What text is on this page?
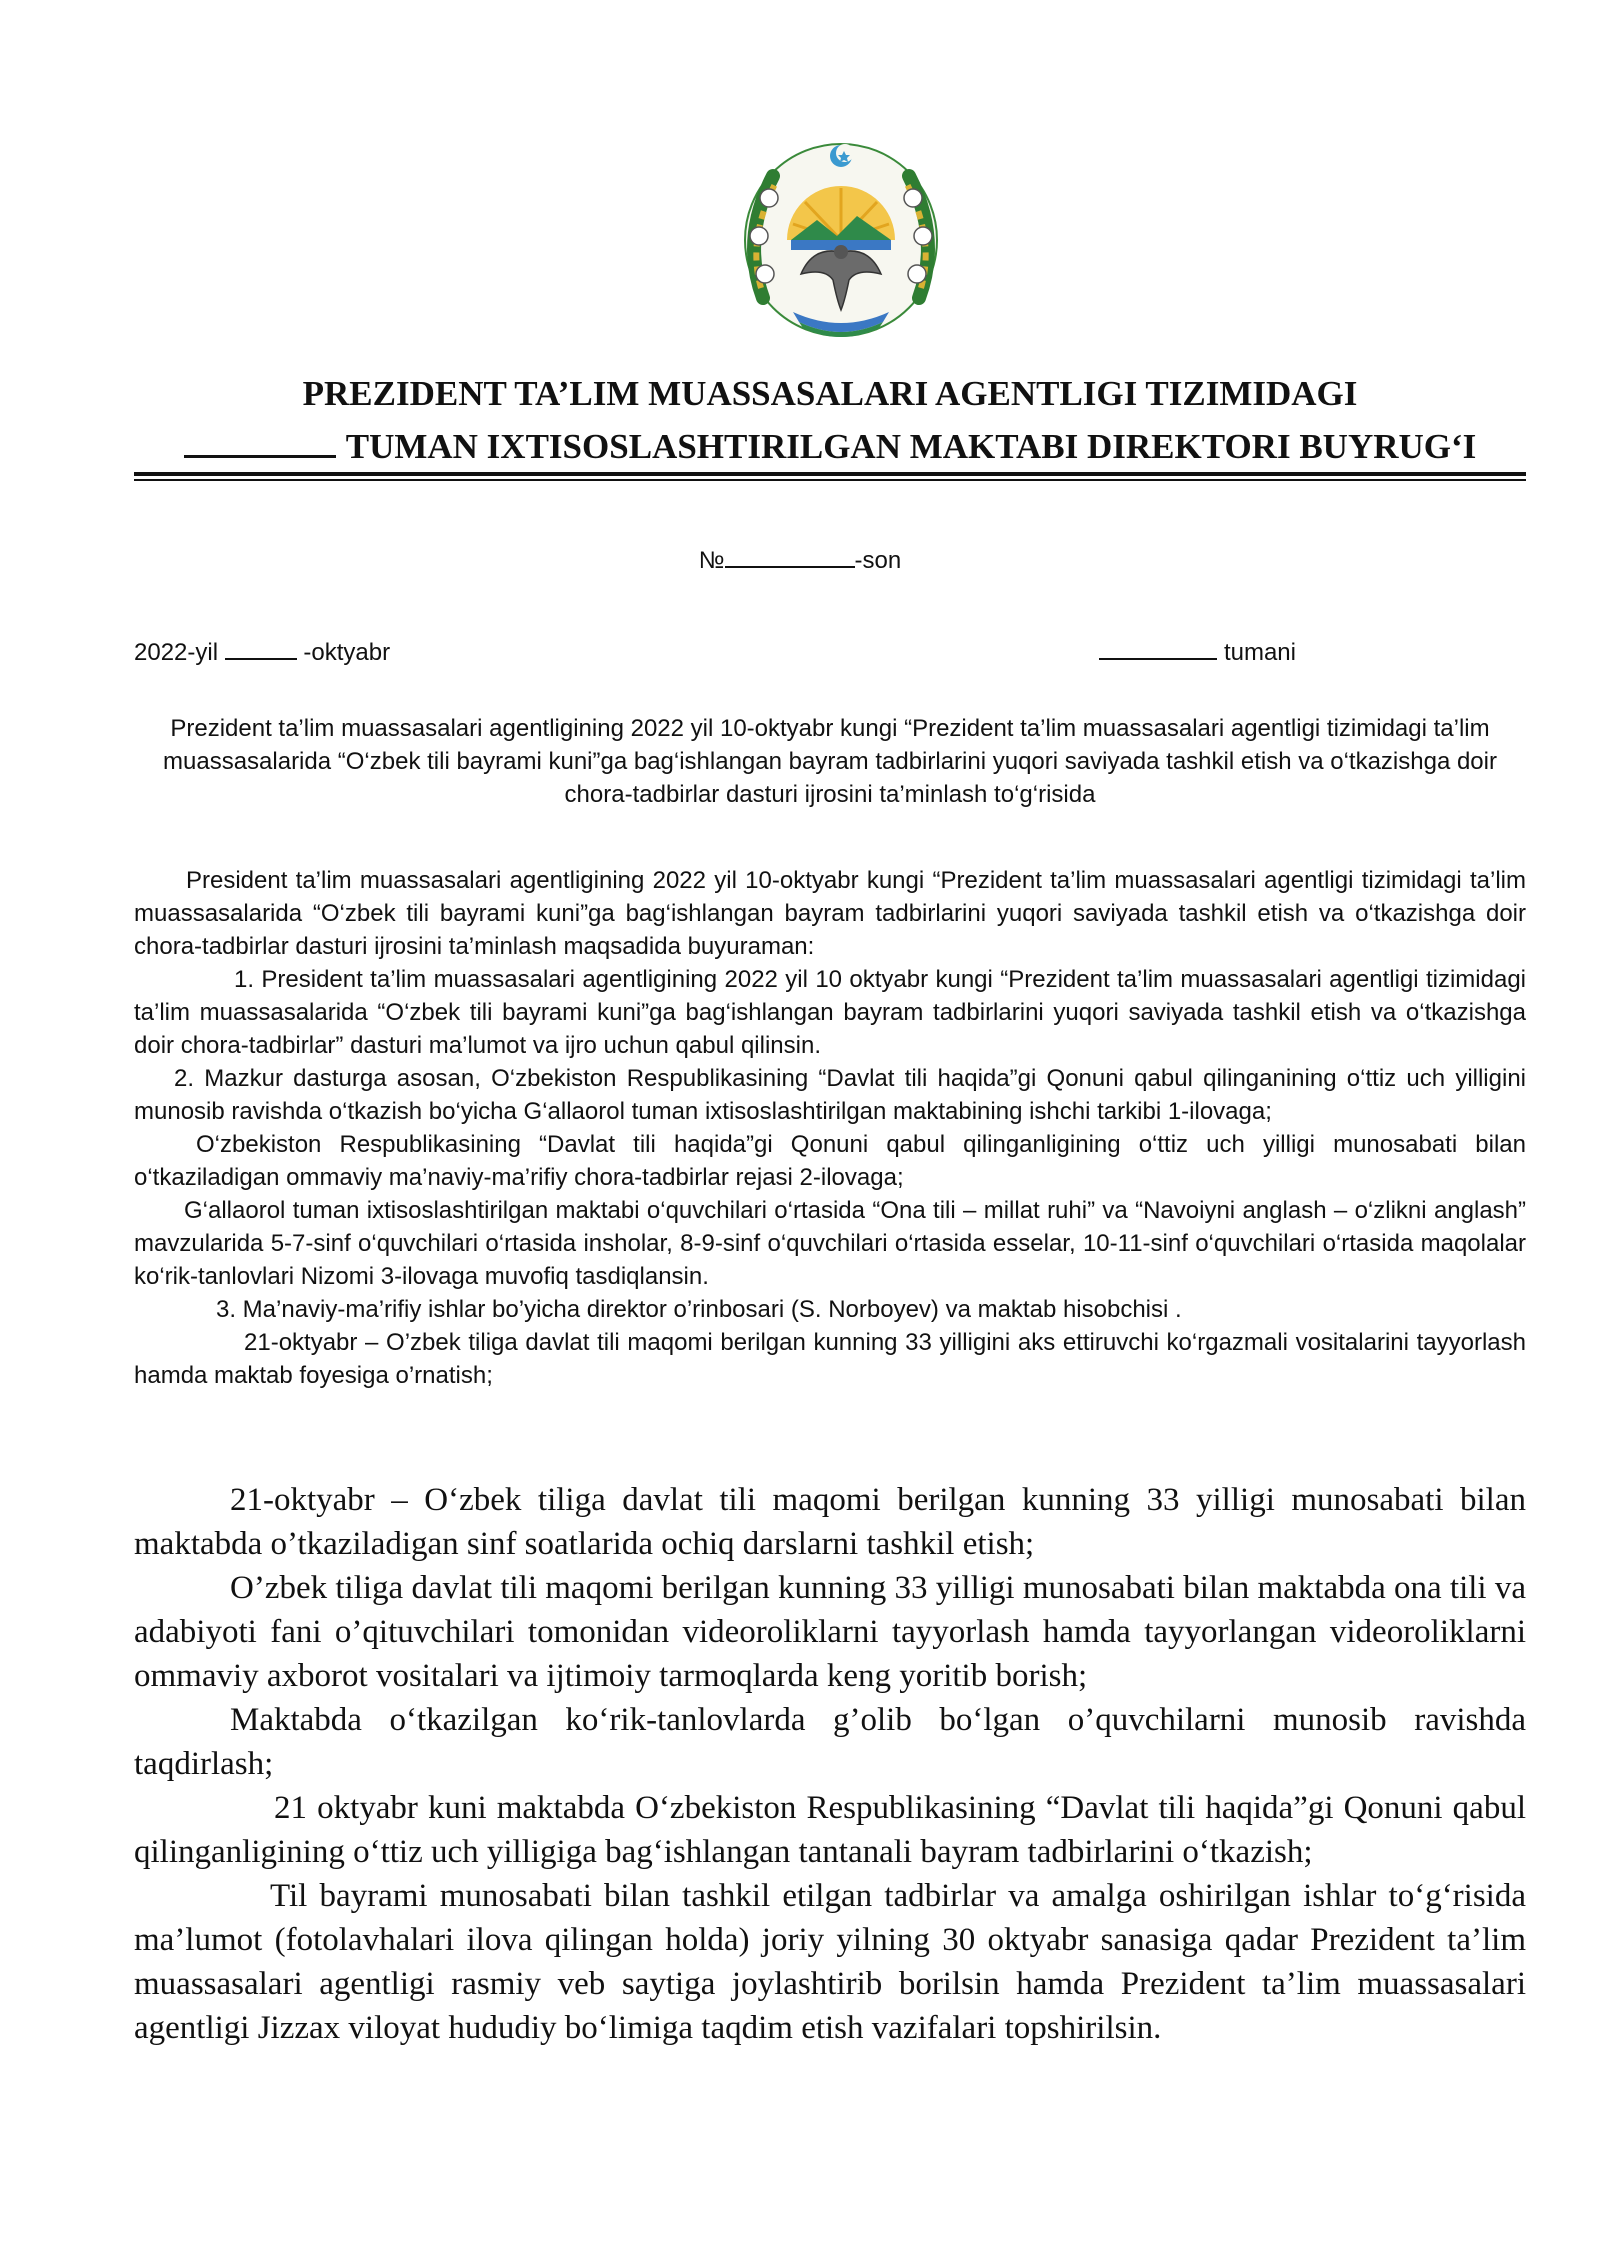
PREZIDENT TA’LIM MUASSASALARI AGENTLIGI TIZIMIDAGI
TUMAN IXTISOSLASHTIRILGAN MAKTABI DIREKTORI BUYRUG‘I
№	-son
2022-yil	-oktyabr	tumani
Prezident ta’lim muassasalari agentligining 2022 yil 10-oktyabr kungi “Prezident ta’lim muassasalari agentligi tizimidagi ta’lim muassasalarida “O‘zbek tili bayrami kuni”ga bag‘ishlangan bayram tadbirlarini yuqori saviyada tashkil etish va o‘tkazishga doir chora-tadbirlar dasturi ijrosini ta’minlash to‘g‘risida

President ta’lim muassasalari agentligining 2022 yil 10-oktyabr kungi “Prezident ta’lim muassasalari agentligi tizimidagi ta’lim muassasalarida “O‘zbek tili bayrami kuni”ga bag‘ishlangan bayram tadbirlarini yuqori saviyada tashkil etish va o‘tkazishga doir chora-tadbirlar dasturi ijrosini ta’minlash maqsadida buyuraman:

1. President ta’lim muassasalari agentligining 2022 yil 10 oktyabr kungi “Prezident ta’lim muassasalari agentligi tizimidagi ta’lim muassasalarida “O‘zbek tili bayrami kuni”ga bag‘ishlangan bayram tadbirlarini yuqori saviyada tashkil etish va o‘tkazishga doir chora-tadbirlar” dasturi ma’lumot va ijro uchun qabul qilinsin.

2. Mazkur dasturga asosan, O‘zbekiston Respublikasining “Davlat tili haqida”gi Qonuni qabul qilinganining o‘ttiz uch yilligini munosib ravishda o‘tkazish bo‘yicha G‘allaorol tuman ixtisoslashtirilgan maktabining ishchi tarkibi 1-ilovaga;

O‘zbekiston Respublikasining “Davlat tili haqida”gi Qonuni qabul qilinganligining o‘ttiz uch yilligi munosabati bilan o‘tkaziladigan ommaviy ma’naviy-ma’rifiy chora-tadbirlar rejasi 2-ilovaga;

G‘allaorol tuman ixtisoslashtirilgan maktabi o‘quvchilari o‘rtasida “Ona tili – millat ruhi” va “Navoiyni anglash – o‘zlikni anglash” mavzularida 5-7-sinf o‘quvchilari o‘rtasida insholar, 8-9-sinf o‘quvchilari o‘rtasida esselar, 10-11-sinf o‘quvchilari o‘rtasida maqolalar ko‘rik-tanlovlari Nizomi 3-ilovaga muvofiq tasdiqlansin.

3. Ma’naviy-ma’rifiy ishlar bo’yicha direktor o’rinbosari (S. Norboyev) va maktab hisobchisi .

21-oktyabr – O’zbek tiliga davlat tili maqomi berilgan kunning 33 yilligini aks ettiruvchi ko‘rgazmali vositalarini tayyorlash hamda maktab foyesiga o’rnatish;

21-oktyabr – O‘zbek tiliga davlat tili maqomi berilgan kunning 33 yilligi munosabati bilan maktabda o’tkaziladigan sinf soatlarida ochiq darslarni tashkil etish;

O’zbek tiliga davlat tili maqomi berilgan kunning 33 yilligi munosabati bilan maktabda ona tili va adabiyoti fani o’qituvchilari tomonidan videoroliklarni tayyorlash hamda tayyorlangan videoroliklarni ommaviy axborot vositalari va ijtimoiy tarmoqlarda keng yoritib borish;

Maktabda o‘tkazilgan ko‘rik-tanlovlarda g’olib bo‘lgan o’quvchilarni munosib ravishda taqdirlash;

21 oktyabr kuni maktabda O‘zbekiston Respublikasining “Davlat tili haqida”gi Qonuni qabul qilinganligining o‘ttiz uch yilligiga bag‘ishlangan tantanali bayram tadbirlarini o‘tkazish;

Til bayrami munosabati bilan tashkil etilgan tadbirlar va amalga oshirilgan ishlar to‘g‘risida ma’lumot (fotolavhalari ilova qilingan holda) joriy yilning 30 oktyabr sanasiga qadar Prezident ta’lim muassasalari agentligi rasmiy veb saytiga joylashtirib borilsin hamda Prezident ta’lim muassasalari agentligi Jizzax viloyat hududiy bo‘limiga taqdim etish vazifalari topshirilsin.
